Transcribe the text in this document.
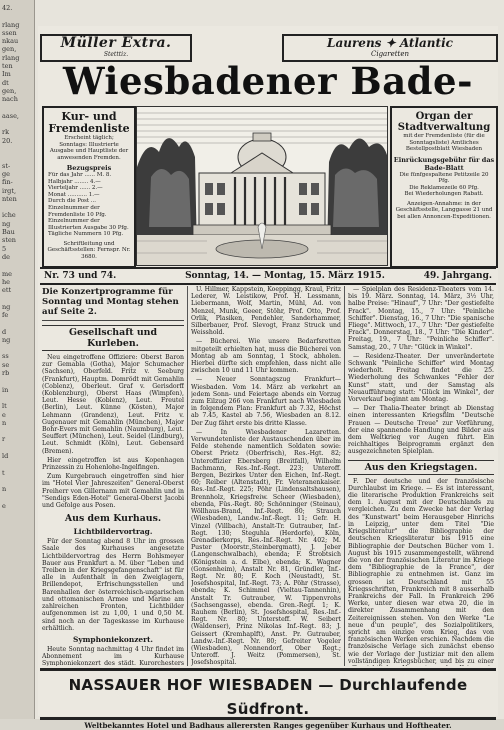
42.

rlang
ssen
nkau
gen,
rlang
ten
Im
dt
gen,
nach

aase,

rk
20.

st-
ge
fin-
irgt,
nten

iche
ng
Bau
sten
5
de

me
he
ett

ng
fe

d
ng

ss
se
rb

in

lt
e
n

r

ld

t

n

e

Müller Extra.
Stetttiz.
Laurens ✦ Atlantic
Cigaretten
Wiesbadener Bade-
Kur- und Fremdenliste
Erscheint täglich;
Sonntags: Illustrierte Ausgabe und Hauptliste der anwesenden Fremden.
Bezugspreis
Für das Jahr ...... M. 8.
Halbjahr ........ 4.—
Vierteljahr ...... 2.—
Monat ........... 1.—
Durch die Post ...
Einzelnummer der Fremdenliste 10 Pfg.
Einzelnummer der Illustrierten Ausgabe 30 Pfg.
Tägliche Nummern 10 Pfg.
Schriftleitung und Geschäftsstellen: Fernspr. Nr. 3680.
Organ der Stadtverwaltung
mit der Fremdenliste (für die Sonntagsliste) Amtliches Bestellpostblatt Wiesbaden
Einrückungsgebühr für das Bade-Blatt
Die fünfgespaltene Petitzeile 20 Pfg.
Die Reklamezeile 60 Pfg.
Bei Wiederholungen Rabatt.
Anzeigen-Annahme: in der Geschäftsstelle, Langgasse 21 und bei allen Annoncen-Expeditionen.
Nr. 73 und 74.	Sonntag, 14. — Montag, 15. März 1915.	49. Jahrgang.
Die Konzertprogramme für Sonntag und Montag stehen auf Seite 2.
Gesellschaft und Kurleben.

Neu eingetroffene Offiziere: Oberst Baron zur Gemabla (Gotha), Major Schumacher (Sachsen), Oberfeld. Fritz v. Seeburg (Frankfurt), Hauptm. Domrödt mit Gemahlin (Coblenz), Oberleut. Graf v. Gerisdorff (Koblenzburg), Oberst Haas (Wimpfen), Leut. Hesse (Koblenz), Leut. Freutel (Berlin), Leut. Künne (Kösten), Major Lehmann (Grandenz), Leut. Fritz v. Gugenauer mit Gemahlin (München), Major Bohr-Evers mit Gemahlin (Naumburg), Leut. Seuffert (München), Leut. Seidel (Lindburg), Leut. Schmidt (Köln), Leut. Gebensard (Bremen).

Hier eingetroffen ist aus Kopenhagen Prinzessin zu Hohenlohe-Ingelfingen.

Zum Kurgebrauch eingetroffen sind hier im "Hotel Vier Jahreszeiten" General-Oberst Freiherr von Gillernann mit Gemahlin und in "Sendigs Eden-Hotel" General-Oberst Jacobi und Gefolge aus Posen.

Aus dem Kurhaus.
Lichtbildervortrag.

Für der Sonntag abend 8 Uhr im grossen Saale des Kurhauses angesetzte Lichtbildervortrag des Herrn Bohlsmeyer Bauer aus Frankfurt a. M. über "Leben und Treiben in der Kriegsgefangenschaft" ist für alle in Aufenthalt in den Zweiglagern, Brillendepot, Erfrischungsstellen und Barenhallen der österreichisch-ungarischen und ottomanischen Armee und Marine am zahlreichen Fronten, Lichtbilder aufgenommen ist zu 1,00, 1 und 0,50 M. sind noch an der Tageskasse im Kurhause erhältlich.

Symphoniekonzert.

Heute Sonntag nachmittag 4 Uhr findet im Abonnement im Kurhause Symphoniekonzert des städt. Kurorchesters

U. Hillmer, Kappstein, Koeppingg, Kraul, Fritz Lederer, W. Leistikow, Prof. H. Lessmann, Liebermann, Wolf, Martin, Mühl, Ad. von Menzel, Munk, Geeer, Stöhr, Prof. Otto, Prof. Orlik, Plasiken, Pendehler, Sanderhammer, Silberbauer, Prof. Slevogt, Franz Struck und Weisshold.

— Bücherei. Wie unsere Bedarfsretten mitgeteilt erhielten hat, muss die Bücherei von Montag ab am Sonntag, 1 Stock, abholen. Hierbei dürfte sich empfehlen, dass nicht alle zwischen 10 und 11 Uhr kommen.

— Neuer Sonntagszug Frankfurt—Wiesbaden. Vom 14. März ab verkehrt an jedem Sonn- und Feiertage abends ein Vorzug zum Eilzug 266 von Frankfurt nach Wiesbaden in folgendem Plan: Frankfurt ab 7.32, Höchst ab 7.45, Kastel ab 7.56, Wiesbaden an 8.12. Der Zug fährt erste bis dritte Klasse.

— In Wiesbadener Lazaretten. Verwundetenliste der Austauschenden über im Felde stehende namentlich Soldaten sowie: Oberst Prietz (Oberfrisch), Res.-Hgt. 82; Unteroffizier Ebersberg (Breitfall), Wilhelm Bachmann, Res.-Inf.-Regt. 223; Unteroff. Bergen, Bezirkes Unter den Eichen, Inf.-Regt. 60; Reiber (Altenstadt), Fr. Veteranenkaiser. Res.-Inf.-Regt. 225; Pöhr (Lindensaltshausen), Brennholz, Kriegsfreiw. Scheer (Wiesbaden), ebenda, Füs.-Regt. 80; Schönninger (Steinau), Wöllhaus-Brand, Inf.-Regt. 80; Strauch (Wiesbaden), Landw.-Inf.-Regt. 11; Gefr. H. Vinzel (Villbach), Anstalt-Tr. Gutrauber, Inf.-Regt. 130; Steguhla (Herdorfe), Köln, Grenadierkorps, Res.-Inf.-Regt. Nr. 402; M. Puster (Moorstr.,Steinbergmatt), J. Jeber (Langenschwalbach), ebenda; F. Strobtsich (Königstein a. d. Elbe), ebenda; K. Wagner (Gonsenheim), Anstalt Nr. 81, Gründler, Inf.-Regt. Nr. 80; F. Koch (Neustadt), St. Josefshospital, Inf.-Regt. 73; A. Pöhr (Strasse), ebenda; K. Schimmel (Vieltau-Tannenhin), Anstalt Tr. Gutrauber, W. Tippenvrohs (Sachsengasse), ebenda. Gren.-Regt. 1; K. Rauhem (Berlin), St. Josefshospital, Res.-Inf.-Regt. Nr. 80; Untersteff. W. Seibert (Waldenser), Prinz Nikolas Inf.-Regt. 83; J. Geissert (Kremhaplft), Anst. Pr. Gutrauber, Landw.-Inf.-Regt. Nr. 80; Gefreiter Vogeler (Wiesbaden), Nonnendorf, Ober Regt.; Unteroff. J. Weitz (Pommersen), St. Josefshospital.

— Spielplan des Residenz-Theaters vom 14. bis 19. März. Sonntag, 14. März, 3½ Uhr, halbe Preise: "Hinauf", 7 Uhr: "Der gestiefelte Frack". Montag, 15., 7 Uhr: "Peinliche Schiffer". Dienstag, 16., 7 Uhr: "Die spanische Fliege". Mittwoch, 17., 7 Uhr: "Der gestiefelte Frack". Donnerstag, 18., 7 Uhr: "Die Kinder". Freitag, 19., 7 Uhr: "Peinliche Schiffer". Samstag, 20., 7 Uhr: "Glück in Winkel".

— Residenz-Theater. Der unverändertete Schwank "Peinliche Schiffer" wird Montag wiederholt. Freitag findet die 25. Wiederholung des Schwankes "Fehler der Kunst" statt, und der Samstag als Neuaufführung statt: "Glück im Winkel", der Vorverkauf beginnt am Montag.

— Der Thalia-Theater bringt ab Dienstag einen interessanten Kriegsfilm "Deutsche Frauen — Deutsche Treue" zur Vorführung, der eine spannende Handlung und Bilder aus dem Weltkrieg vor Augen führt. Ein reichhaltiges Beiprogramm ergänzt den ausgezeichneten Spielplan.

Aus den Kriegstagen.

F. Der deutsche und der französische Durchlaubst im Kriege. — Es ist interessant, die literarische Produktion Frankreichs seit dem 1. August mit der Deutschlands zu vergleichen. Zu dem Zwecke hat der Verlag des "Kunstwart" beim Herausgeber Hinrichs in Leipzig, unter dem Titel "Die Kriegsliteratur" die Bibliographie der deutschen Kriegsliteratur bis 1915 eine Bibliographie der Deutschen Bücher vom 1. August bis 1915 zusammengestellt, während die von der französischen Literatur im Kriege dem "Bibliographie de la France", der Bibliographie zu entnehmen ist. Ganz im grossen ist Deutschland mit 55 Kriegsschriften, Frankreich mit 8 ausserhalb Frankreichs der Fall. In Frankreich 296 Werke, unter diesen war etwa 20, die in direkter Zusammenhang mit den Zeitereignissen stehen. Von den Werke "Le neue d'un peuple", des Sozialpolitikers, spricht am einzige vom Krieg, das von französischen Werken erschien. Nachdem die französische Verlage sich zunächst ebenso wie der Vorlage der Justiziar mit den allem vollständigen Kriegsbücher, und bis zu einer

NASSAUER HOF WIESBADEN — Durchlaufende Südfront.
Weltbekanntes Hotel und Badhaus allerersten Ranges gegenüber Kurhaus und Hoftheater.
